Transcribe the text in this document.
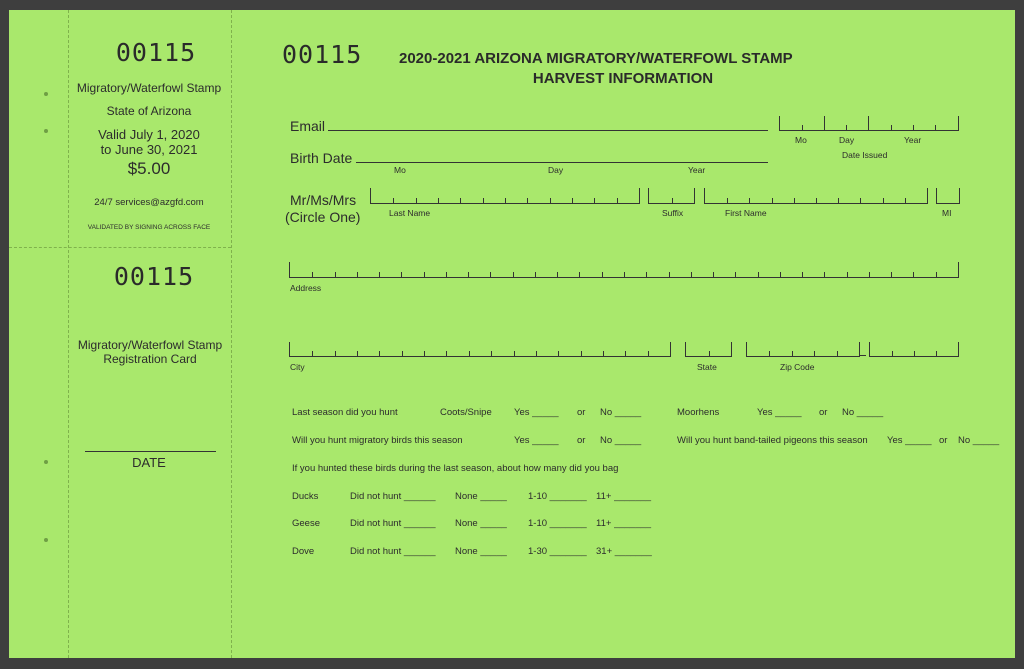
00115
Migratory/Waterfowl Stamp
State of Arizona
Valid July 1, 2020
to June 30, 2021
$5.00
24/7 services@azgfd.com
VALIDATED BY SIGNING ACROSS FACE
00115
Migratory/Waterfowl Stamp
Registration Card
DATE
00115 2020-2021 ARIZONA MIGRATORY/WATERFOWL STAMP
HARVEST INFORMATION
Email
Mo	Day	Year
Date Issued
Birth Date
Mo	Day	Year
Mr/Ms/Mrs
(Circle One)	Last Name	Suffix	First Name	MI
Address
City	State	Zip Code
Last season did you hunt	Coots/Snipe Yes _____ or No _____	Moorhens	Yes _____ or No _____
Will you hunt migratory birds this season	Yes _____ or No _____	Will you hunt band-tailed pigeons this season Yes _____ or No _____
If you hunted these birds during the last season, about how many did you bag
Ducks	Did not hunt ______ None _____ 1-10 _______ 11+ _______
Geese	Did not hunt ______ None _____ 1-10 _______ 11+ _______
Dove	Did not hunt ______ None _____ 1-30 _______ 31+ _______
